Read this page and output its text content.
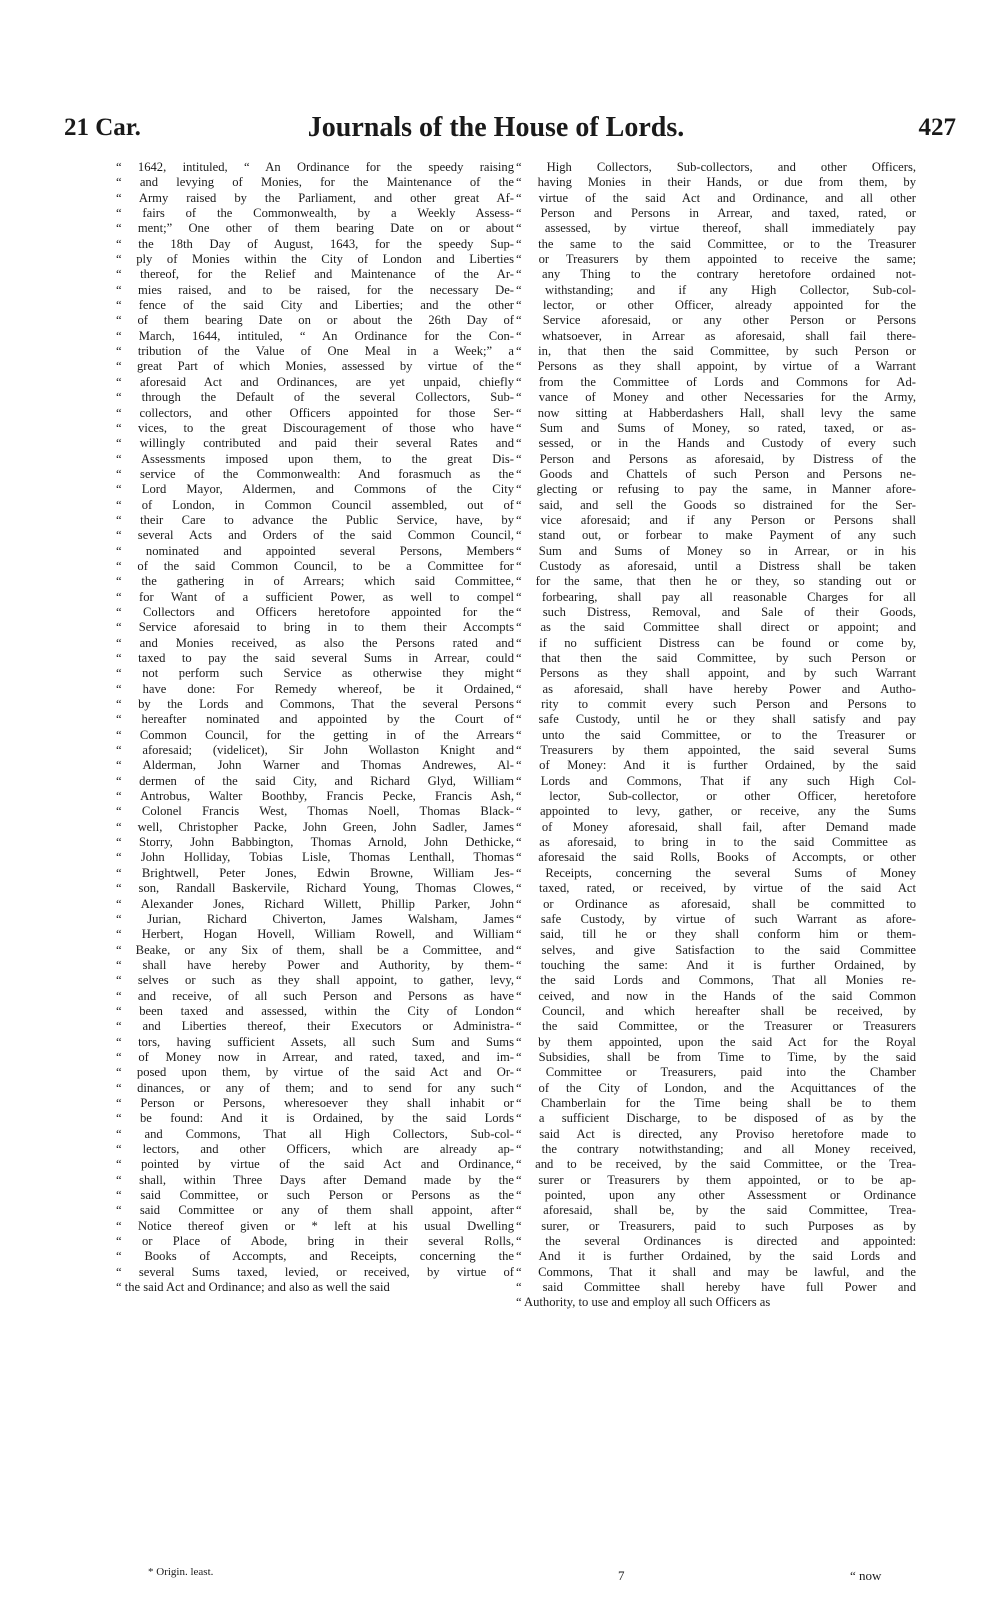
21 Car.	Journals of the House of Lords.	427
“ 1642, intituled, “ An Ordinance for the speedy raising
“ and levying of Monies, for the Maintenance of the
“ Army raised by the Parliament, and other great Af-
“ fairs of the Commonwealth, by a Weekly Assess-
“ ment;” One other of them bearing Date on or about
“ the 18th Day of August, 1643, for the speedy Sup-
“ ply of Monies within the City of London and Liberties
“ thereof, for the Relief and Maintenance of the Ar-
“ mies raised, and to be raised, for the necessary De-
“ fence of the said City and Liberties; and the other
“ of them bearing Date on or about the 26th Day of
“ March, 1644, intituled, “ An Ordinance for the Con-
“ tribution of the Value of One Meal in a Week;” a
“ great Part of which Monies, assessed by virtue of the
“ aforesaid Act and Ordinances, are yet unpaid, chiefly
“ through the Default of the several Collectors, Sub-
“ collectors, and other Officers appointed for those Ser-
“ vices, to the great Discouragement of those who have
“ willingly contributed and paid their several Rates and
“ Assessments imposed upon them, to the great Dis-
“ service of the Commonwealth: And forasmuch as the
“ Lord Mayor, Aldermen, and Commons of the City
“ of London, in Common Council assembled, out of
“ their Care to advance the Public Service, have, by
“ several Acts and Orders of the said Common Council,
“ nominated and appointed several Persons, Members
“ of the said Common Council, to be a Committee for
“ the gathering in of Arrears; which said Committee,
“ for Want of a sufficient Power, as well to compel
“ Collectors and Officers heretofore appointed for the
“ Service aforesaid to bring in to them their Accompts
“ and Monies received, as also the Persons rated and
“ taxed to pay the said several Sums in Arrear, could
“ not perform such Service as otherwise they might
“ have done: For Remedy whereof, be it Ordained,
“ by the Lords and Commons, That the several Persons
“ hereafter nominated and appointed by the Court of
“ Common Council, for the getting in of the Arrears
“ aforesaid; (videlicet), Sir John Wollaston Knight and
“ Alderman, John Warner and Thomas Andrewes, Al-
“ dermen of the said City, and Richard Glyd, William
“ Antrobus, Walter Boothby, Francis Pecke, Francis Ash,
“ Colonel Francis West, Thomas Noell, Thomas Black-
“ well, Christopher Packe, John Green, John Sadler, James
“ Storry, John Babbington, Thomas Arnold, John Dethicke,
“ John Holliday, Tobias Lisle, Thomas Lenthall, Thomas
“ Brightwell, Peter Jones, Edwin Browne, William Jes-
“ son, Randall Baskervile, Richard Young, Thomas Clowes,
“ Alexander Jones, Richard Willett, Phillip Parker, John
“ Jurian, Richard Chiverton, James Walsham, James
“ Herbert, Hogan Hovell, William Rowell, and William
“ Beake, or any Six of them, shall be a Committee, and
“ shall have hereby Power and Authority, by them-
“ selves or such as they shall appoint, to gather, levy,
“ and receive, of all such Person and Persons as have
“ been taxed and assessed, within the City of London
“ and Liberties thereof, their Executors or Administra-
“ tors, having sufficient Assets, all such Sum and Sums
“ of Money now in Arrear, and rated, taxed, and im-
“ posed upon them, by virtue of the said Act and Or-
“ dinances, or any of them; and to send for any such
“ Person or Persons, wheresoever they shall inhabit or
“ be found: And it is Ordained, by the said Lords
“ and Commons, That all High Collectors, Sub-col-
“ lectors, and other Officers, which are already ap-
“ pointed by virtue of the said Act and Ordinance,
“ shall, within Three Days after Demand made by the
“ said Committee, or such Person or Persons as the
“ said Committee or any of them shall appoint, after
“ Notice thereof given or * left at his usual Dwelling
“ or Place of Abode, bring in their several Rolls,
“ Books of Accompts, and Receipts, concerning the
“ several Sums taxed, levied, or received, by virtue of
“ the said Act and Ordinance; and also as well the said
“ High Collectors, Sub-collectors, and other Officers,
“ having Monies in their Hands, or due from them, by
“ virtue of the said Act and Ordinance, and all other
“ Person and Persons in Arrear, and taxed, rated, or
“ assessed, by virtue thereof, shall immediately pay
“ the same to the said Committee, or to the Treasurer
“ or Treasurers by them appointed to receive the same;
“ any Thing to the contrary heretofore ordained not-
“ withstanding; and if any High Collector, Sub-col-
“ lector, or other Officer, already appointed for the
“ Service aforesaid, or any other Person or Persons
“ whatsoever, in Arrear as aforesaid, shall fail there-
“ in, that then the said Committee, by such Person or
“ Persons as they shall appoint, by virtue of a Warrant
“ from the Committee of Lords and Commons for Ad-
“ vance of Money and other Necessaries for the Army,
“ now sitting at Habberdashers Hall, shall levy the same
“ Sum and Sums of Money, so rated, taxed, or as-
“ sessed, or in the Hands and Custody of every such
“ Person and Persons as aforesaid, by Distress of the
“ Goods and Chattels of such Person and Persons ne-
“ glecting or refusing to pay the same, in Manner afore-
“ said, and sell the Goods so distrained for the Ser-
“ vice aforesaid; and if any Person or Persons shall
“ stand out, or forbear to make Payment of any such
“ Sum and Sums of Money so in Arrear, or in his
“ Custody as aforesaid, until a Distress shall be taken
“ for the same, that then he or they, so standing out or
“ forbearing, shall pay all reasonable Charges for all
“ such Distress, Removal, and Sale of their Goods,
“ as the said Committee shall direct or appoint; and
“ if no sufficient Distress can be found or come by,
“ that then the said Committee, by such Person or
“ Persons as they shall appoint, and by such Warrant
“ as aforesaid, shall have hereby Power and Autho-
“ rity to commit every such Person and Persons to
“ safe Custody, until he or they shall satisfy and pay
“ unto the said Committee, or to the Treasurer or
“ Treasurers by them appointed, the said several Sums
“ of Money: And it is further Ordained, by the said
“ Lords and Commons, That if any such High Col-
“ lector, Sub-collector, or other Officer, heretofore
“ appointed to levy, gather, or receive, any the Sums
“ of Money aforesaid, shall fail, after Demand made
“ as aforesaid, to bring in to the said Committee as
“ aforesaid the said Rolls, Books of Accompts, or other
“ Receipts, concerning the several Sums of Money
“ taxed, rated, or received, by virtue of the said Act
“ or Ordinance as aforesaid, shall be committed to
“ safe Custody, by virtue of such Warrant as afore-
“ said, till he or they shall conform him or them-
“ selves, and give Satisfaction to the said Committee
“ touching the same: And it is further Ordained, by
“ the said Lords and Commons, That all Monies re-
“ ceived, and now in the Hands of the said Common
“ Council, and which hereafter shall be received, by
“ the said Committee, or the Treasurer or Treasurers
“ by them appointed, upon the said Act for the Royal
“ Subsidies, shall be from Time to Time, by the said
“ Committee or Treasurers, paid into the Chamber
“ of the City of London, and the Acquittances of the
“ Chamberlain for the Time being shall be to them
“ a sufficient Discharge, to be disposed of as by the
“ said Act is directed, any Proviso heretofore made to
“ the contrary notwithstanding; and all Money received,
“ and to be received, by the said Committee, or the Trea-
“ surer or Treasurers by them appointed, or to be ap-
“ pointed, upon any other Assessment or Ordinance
“ aforesaid, shall be, by the said Committee, Trea-
“ surer, or Treasurers, paid to such Purposes as by
“ the several Ordinances is directed and appointed:
“ And it is further Ordained, by the said Lords and
“ Commons, That it shall and may be lawful, and the
“ said Committee shall hereby have full Power and
“ Authority, to use and employ all such Officers as
* Origin. least.	7	“ now
